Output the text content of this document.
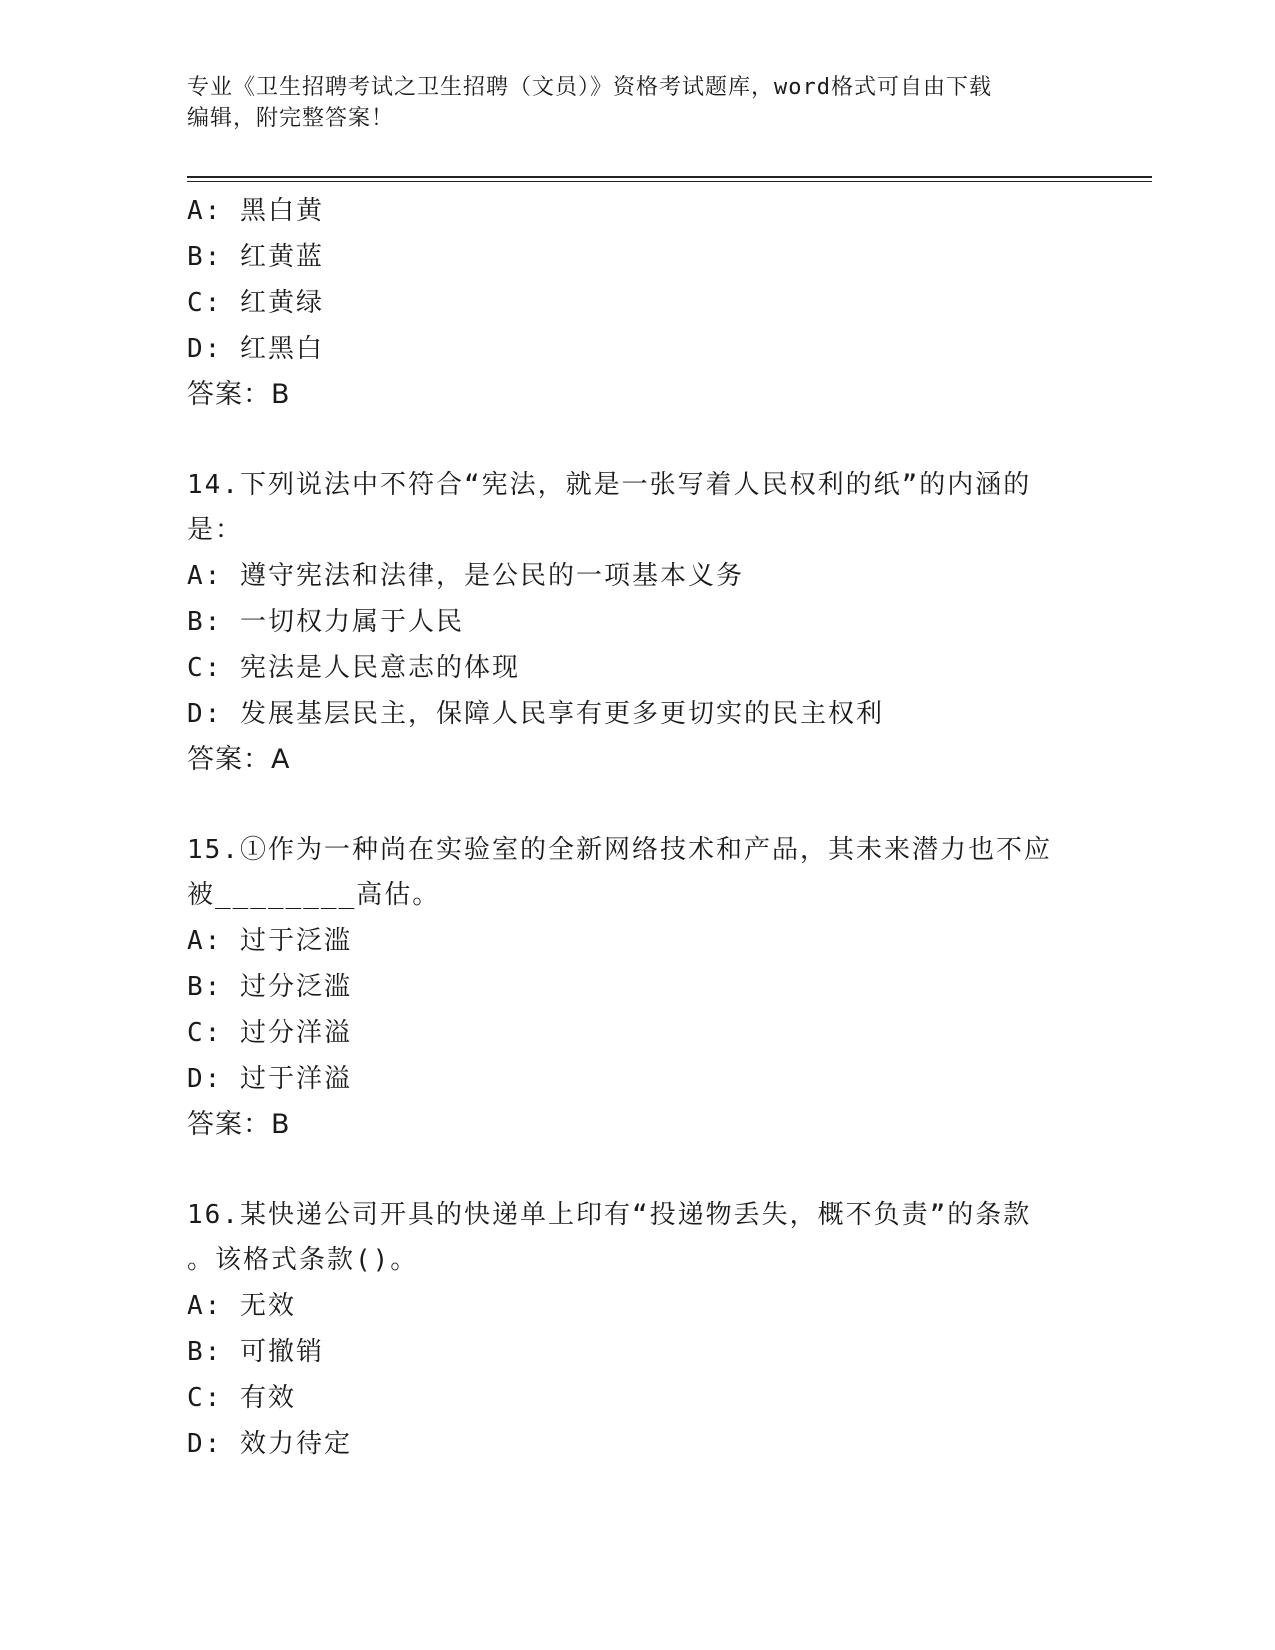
专业《卫生招聘考试之卫生招聘（文员）》资格考试题库，word格式可自由下载
编辑，附完整答案！
A: 黑白黄
B: 红黄蓝
C: 红黄绿
D: 红黑白
答案：B
14.下列说法中不符合“宪法，就是一张写着人民权利的纸”的内涵的
是：
A: 遵守宪法和法律，是公民的一项基本义务
B: 一切权力属于人民
C: 宪法是人民意志的体现
D: 发展基层民主，保障人民享有更多更切实的民主权利
答案：A
15.①作为一种尚在实验室的全新网络技术和产品，其未来潜力也不应
被________高估。
A: 过于泛滥
B: 过分泛滥
C: 过分洋溢
D: 过于洋溢
答案：B
16.某快递公司开具的快递单上印有“投递物丢失，概不负责”的条款
。该格式条款()。
A: 无效
B: 可撤销
C: 有效
D: 效力待定
